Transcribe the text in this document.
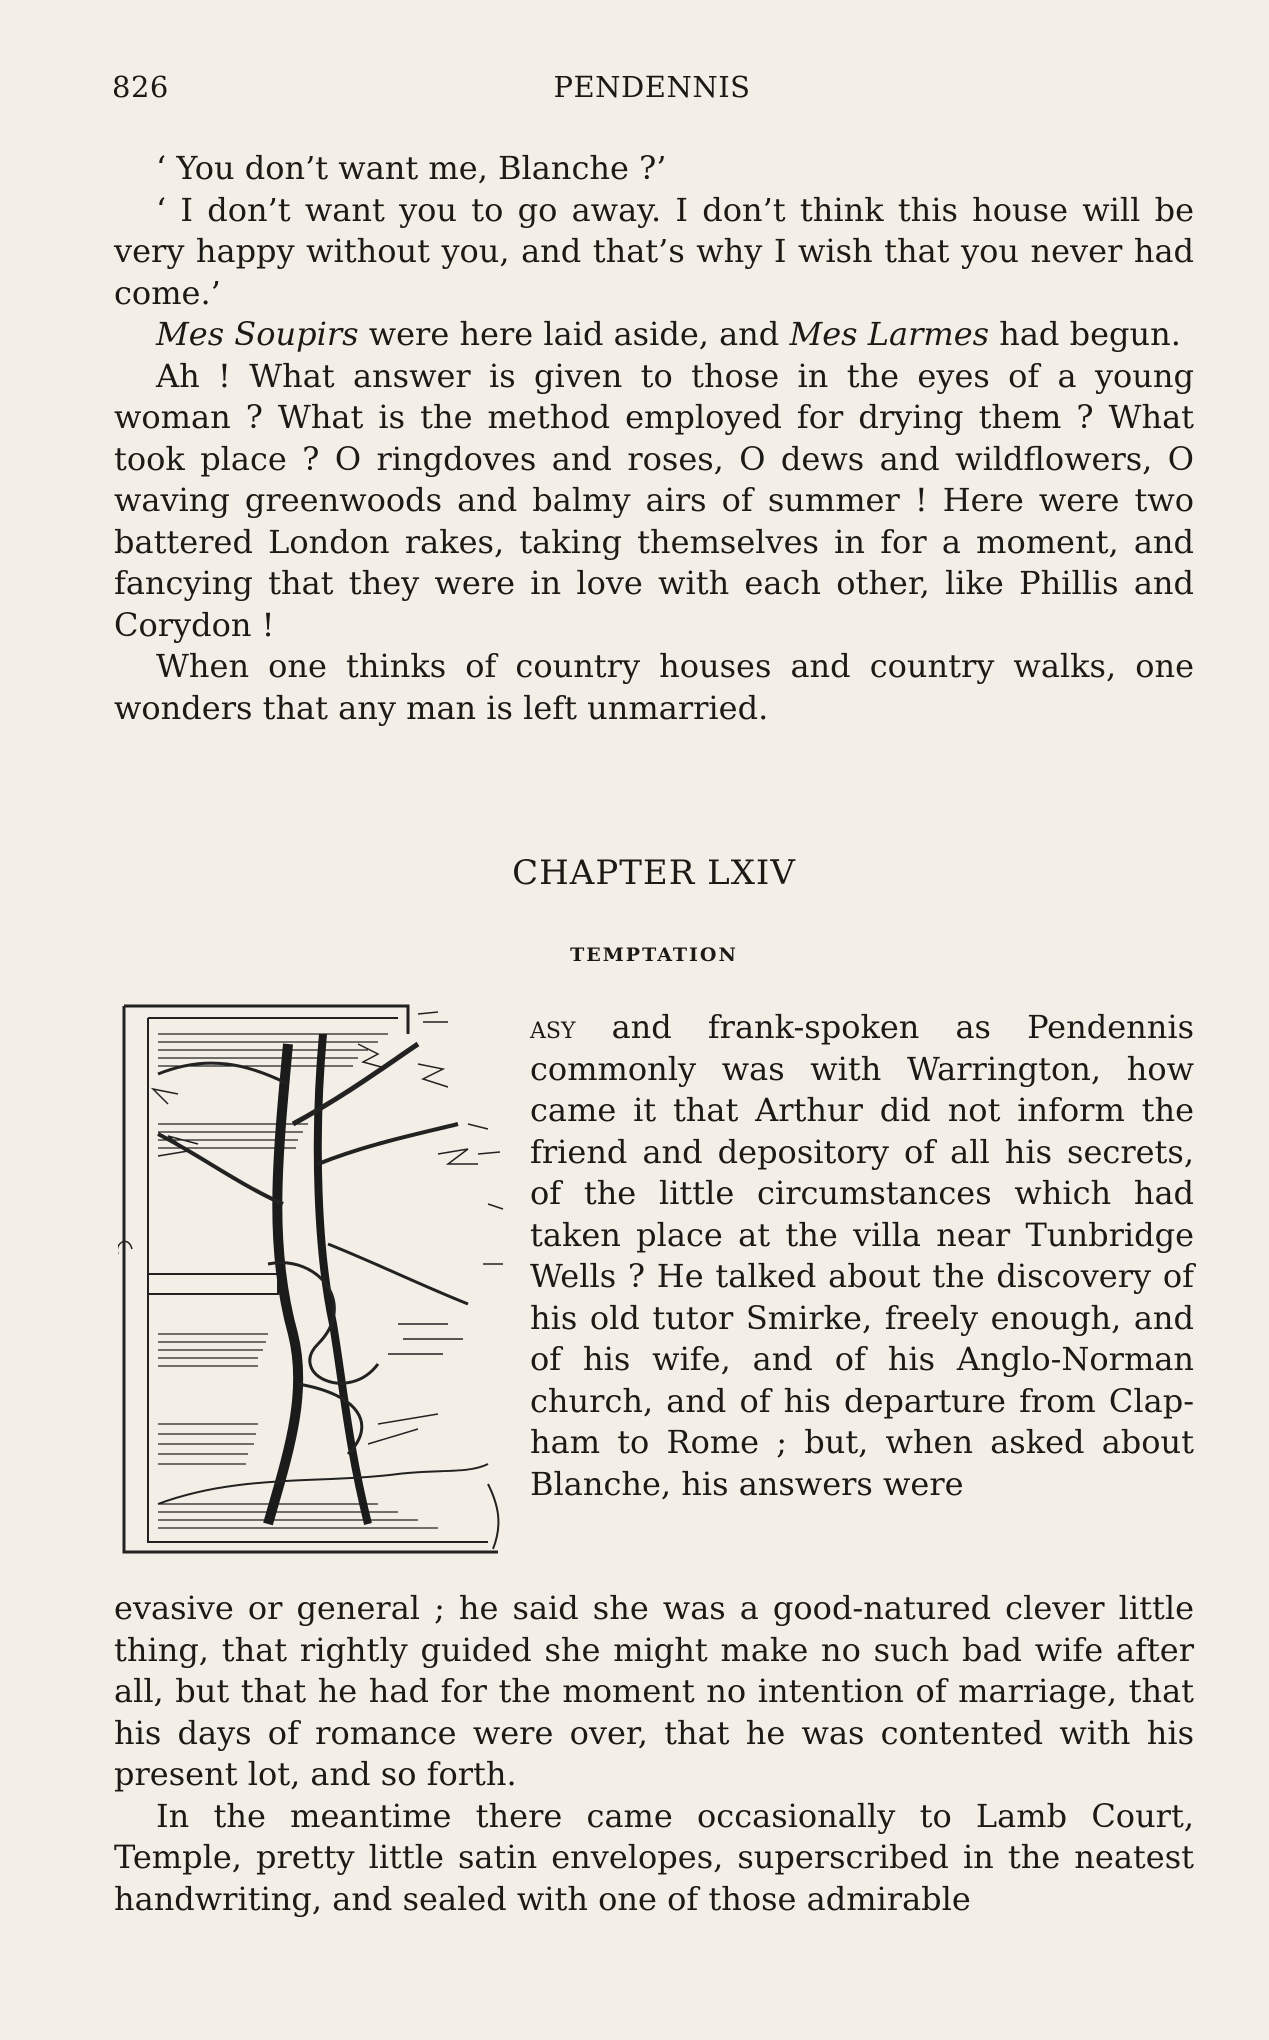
826	PENDENNIS

‘ You don’t want me, Blanche ?’

‘ I don’t want you to go away. I don’t think this house will be very happy without you, and that’s why I wish that you never had come.’

Mes Soupirs were here laid aside, and Mes Larmes had begun.

Ah ! What answer is given to those in the eyes of a young woman ? What is the method employed for drying them ? What took place ? O ringdoves and roses, O dews and wildflowers, O waving greenwoods and balmy airs of summer ! Here were two battered London rakes, taking themselves in for a moment, and fancying that they were in love with each other, like Phillis and Corydon !

When one thinks of country houses and country walks, one wonders that any man is left unmarried.

CHAPTER LXIV
TEMPTATION

asy and frank-spoken as Pendennis commonly was with Warrington, how came it that Arthur did not inform the friend and depository of all his secrets, of the little circumstances which had taken place at the villa near Tunbridge Wells ? He talked about the discovery of his old tutor Smirke, freely enough, and of his wife, and of his Anglo-Norman church, and of his departure from Clapham to Rome ; but, when asked about Blanche, his answers were

evasive or general ; he said she was a good-natured clever little thing, that rightly guided she might make no such bad wife after all, but that he had for the moment no intention of marriage, that his days of romance were over, that he was contented with his present lot, and so forth.

In the meantime there came occasionally to Lamb Court, Temple, pretty little satin envelopes, superscribed in the neatest handwriting, and sealed with one of those admirable
